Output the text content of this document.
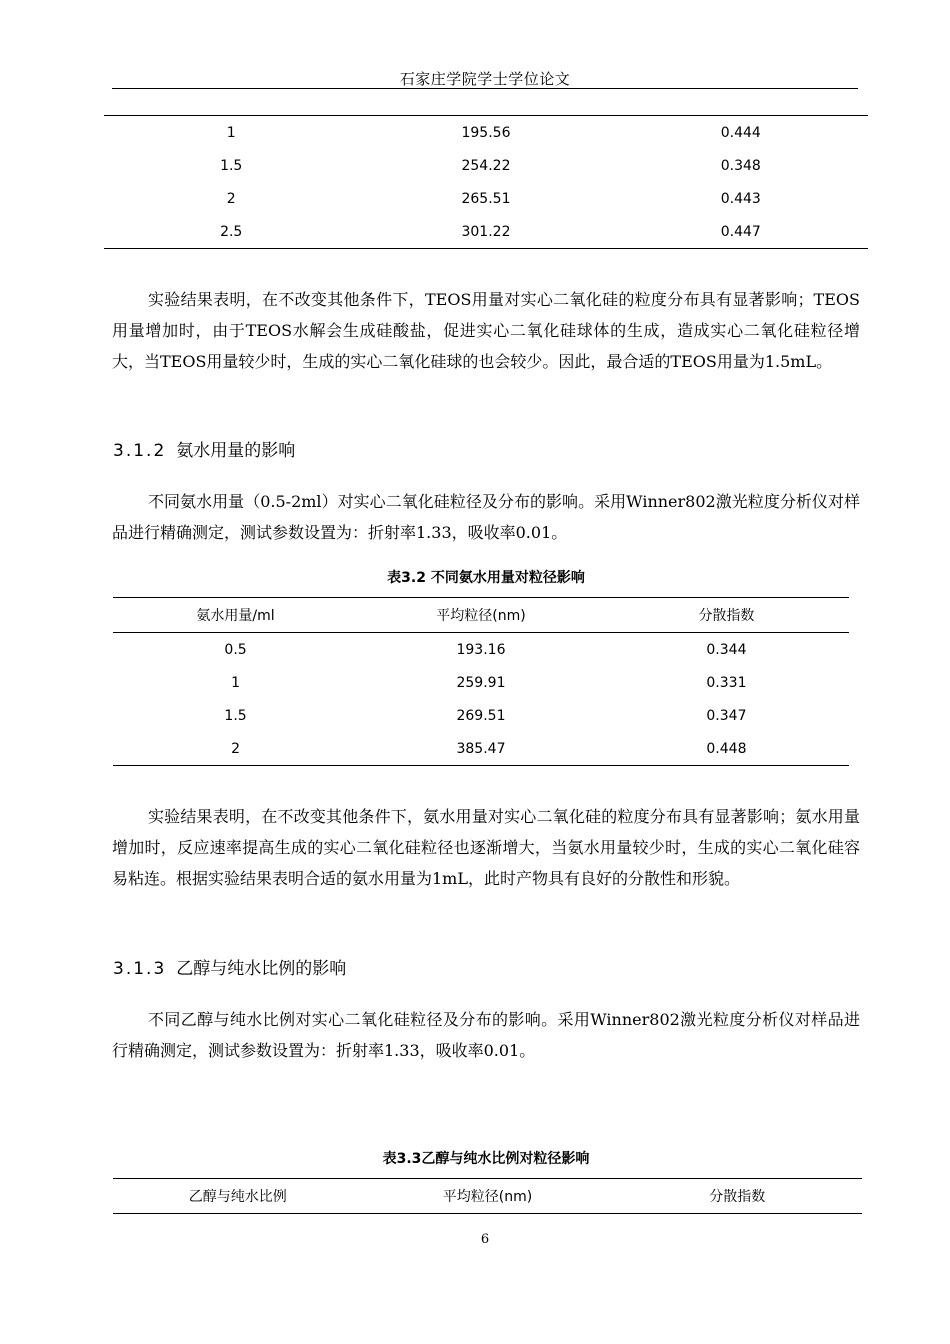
石家庄学院学士学位论文
1	195.56	0.444
1.5	254.22	0.348
2	265.51	0.443
2.5	301.22	0.447

实验结果表明，在不改变其他条件下，TEOS用量对实心二氧化硅的粒度分布具有显著影响；TEOS用量增加时，由于TEOS水解会生成硅酸盐，促进实心二氧化硅球体的生成，造成实心二氧化硅粒径增大，当TEOS用量较少时，生成的实心二氧化硅球的也会较少。因此，最合适的TEOS用量为1.5mL。

3.1.2 氨水用量的影响

不同氨水用量（0.5-2ml）对实心二氧化硅粒径及分布的影响。采用Winner802激光粒度分析仪对样品进行精确测定，测试参数设置为：折射率1.33，吸收率0.01。

表3.2 不同氨水用量对粒径影响

氨水用量/ml	平均粒径(nm)	分散指数
0.5	193.16	0.344
1	259.91	0.331
1.5	269.51	0.347
2	385.47	0.448

实验结果表明，在不改变其他条件下，氨水用量对实心二氧化硅的粒度分布具有显著影响；氨水用量增加时，反应速率提高生成的实心二氧化硅粒径也逐渐增大，当氨水用量较少时，生成的实心二氧化硅容易粘连。根据实验结果表明合适的氨水用量为1mL，此时产物具有良好的分散性和形貌。

3.1.3 乙醇与纯水比例的影响

不同乙醇与纯水比例对实心二氧化硅粒径及分布的影响。采用Winner802激光粒度分析仪对样品进行精确测定，测试参数设置为：折射率1.33，吸收率0.01。

表3.3乙醇与纯水比例对粒径影响

乙醇与纯水比例	平均粒径(nm)	分散指数
6
